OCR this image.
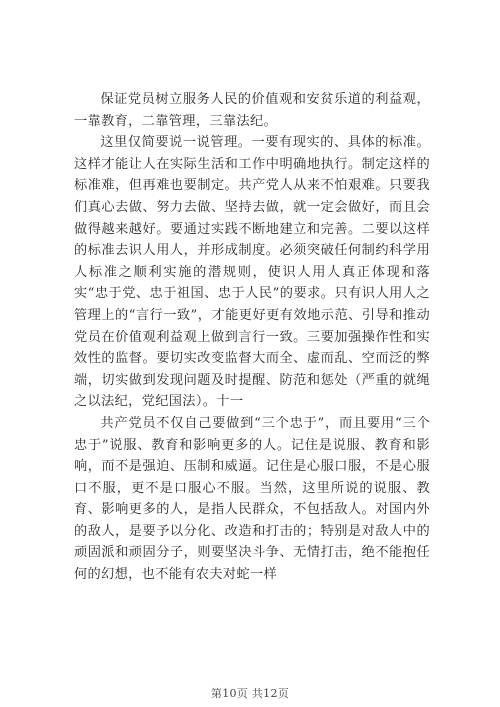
保证党员树立服务人民的价值观和安贫乐道的利益观，一靠教育，二靠管理，三靠法纪。

这里仅简要说一说管理。一要有现实的、具体的标准。这样才能让人在实际生活和工作中明确地执行。制定这样的标准难，但再难也要制定。共产党人从来不怕艰难。只要我们真心去做、努力去做、坚持去做，就一定会做好，而且会做得越来越好。要通过实践不断地建立和完善。二要以这样的标准去识人用人，并形成制度。必须突破任何制约科学用人标准之顺利实施的潜规则，使识人用人真正体现和落实“忠于党、忠于祖国、忠于人民”的要求。只有识人用人之管理上的“言行一致”，才能更好更有效地示范、引导和推动党员在价值观利益观上做到言行一致。三要加强操作性和实效性的监督。要切实改变监督大而全、虚而乱、空而泛的弊端，切实做到发现问题及时提醒、防范和惩处（严重的就绳之以法纪，党纪国法）。十一

共产党员不仅自己要做到“三个忠于”，而且要用“三个忠于”说服、教育和影响更多的人。记住是说服、教育和影响，而不是强迫、压制和威逼。记住是心服口服，不是心服口不服，更不是口服心不服。当然，这里所说的说服、教育、影响更多的人，是指人民群众，不包括敌人。对国内外的敌人，是要予以分化、改造和打击的；特别是对敌人中的顽固派和顽固分子，则要坚决斗争、无情打击，绝不能抱任何的幻想，也不能有农夫对蛇一样

第10页 共12页
